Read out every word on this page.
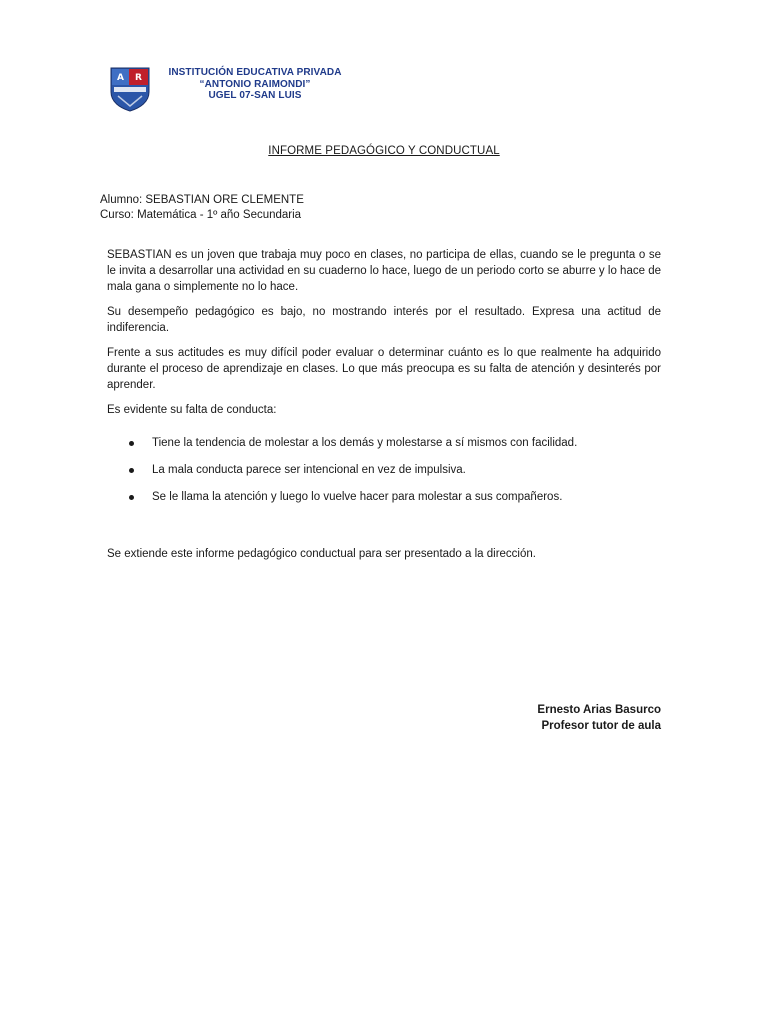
A R	INSTITUCIÓN EDUCATIVA PRIVADA
“ANTONIO RAIMONDI”
UGEL 07-SAN LUIS
INFORME PEDAGÓGICO Y CONDUCTUAL
Alumno: SEBASTIAN ORE CLEMENTE
Curso: Matemática - 1º año Secundaria

SEBASTIAN es un joven que trabaja muy poco en clases, no participa de ellas, cuando se le pregunta o se le invita a desarrollar una actividad en su cuaderno lo hace, luego de un periodo corto se aburre y lo hace de mala gana o simplemente no lo hace.

Su desempeño pedagógico es bajo, no mostrando interés por el resultado. Expresa una actitud de indiferencia.

Frente a sus actitudes es muy difícil poder evaluar o determinar cuánto es lo que realmente ha adquirido durante el proceso de aprendizaje en clases. Lo que más preocupa es su falta de atención y desinterés por aprender.

Es evidente su falta de conducta:

Tiene la tendencia de molestar a los demás y molestarse a sí mismos con facilidad.
La mala conducta parece ser intencional en vez de impulsiva.
Se le llama la atención y luego lo vuelve hacer para molestar a sus compañeros.
Se extiende este informe pedagógico conductual para ser presentado a la dirección.
Ernesto Arias Basurco
Profesor tutor de aula
